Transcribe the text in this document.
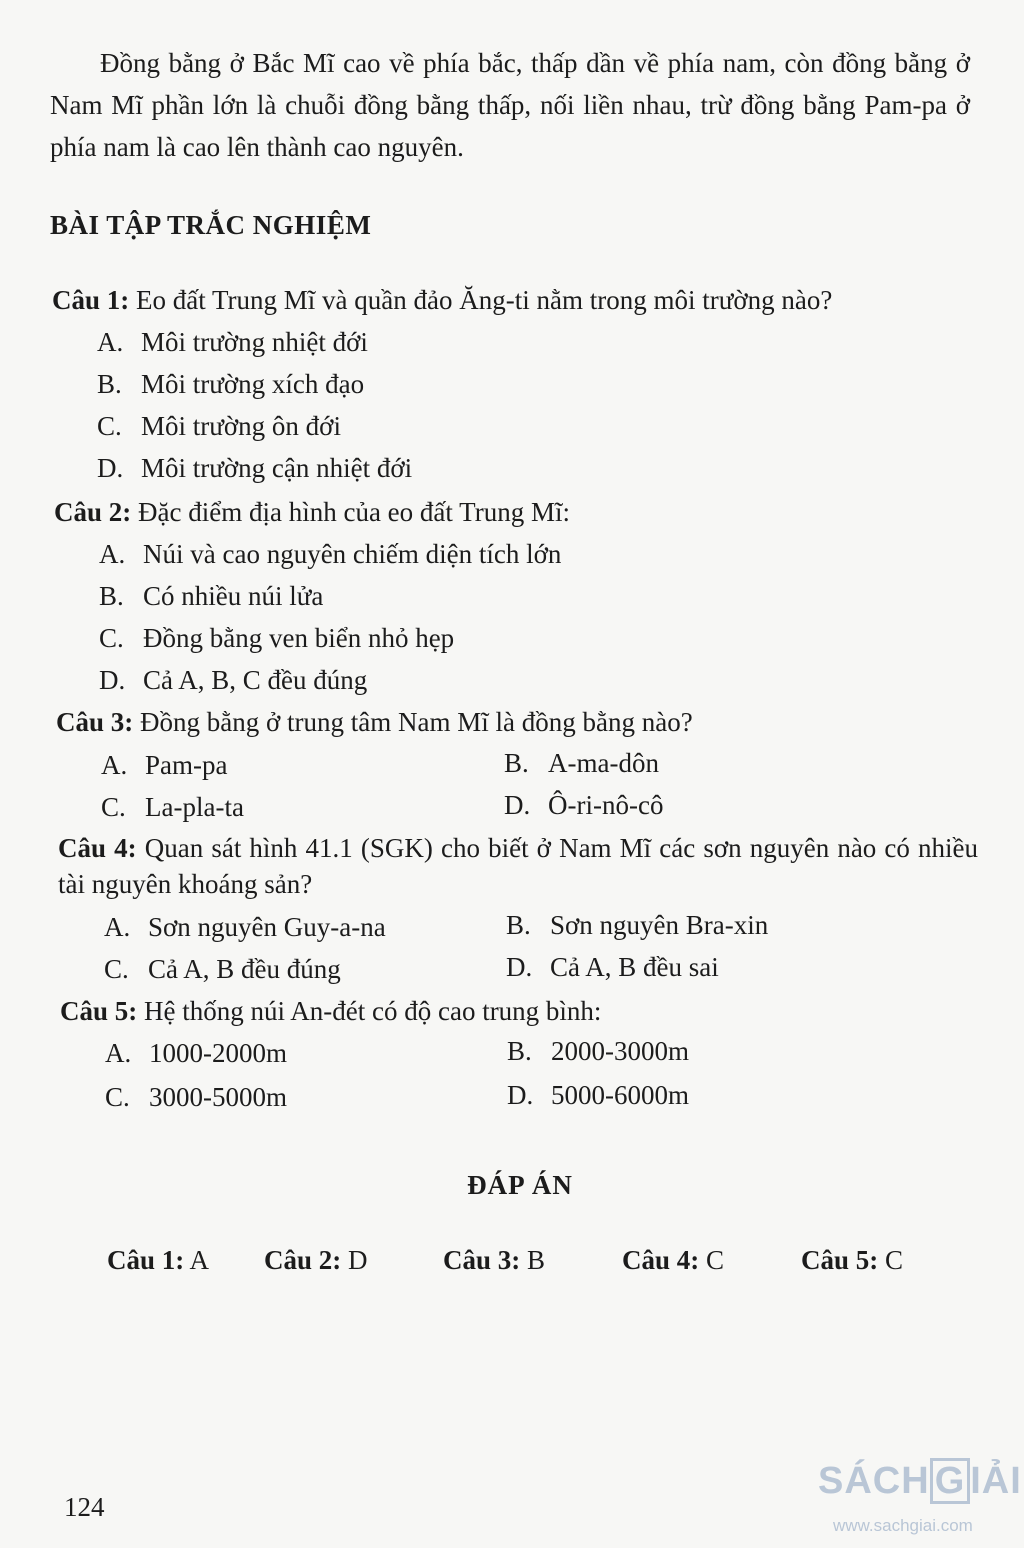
Đồng bằng ở Bắc Mĩ cao về phía bắc, thấp dần về phía nam, còn đồng bằng ở Nam Mĩ phần lớn là chuỗi đồng bằng thấp, nối liền nhau, trừ đồng bằng Pam-pa ở phía nam là cao lên thành cao nguyên.

BÀI TẬP TRẮC NGHIỆM
Câu 1: Eo đất Trung Mĩ và quần đảo Ăng-ti nằm trong môi trường nào?
A. Môi trường nhiệt đới
B. Môi trường xích đạo
C. Môi trường ôn đới
D. Môi trường cận nhiệt đới
Câu 2: Đặc điểm địa hình của eo đất Trung Mĩ:
A. Núi và cao nguyên chiếm diện tích lớn
B. Có nhiều núi lửa
C. Đồng bằng ven biển nhỏ hẹp
D. Cả A, B, C đều đúng
Câu 3: Đồng bằng ở trung tâm Nam Mĩ là đồng bằng nào?
A. Pam-pa	B. A-ma-dôn
C. La-pla-ta	D. Ô-ri-nô-cô
Câu 4: Quan sát hình 41.1 (SGK) cho biết ở Nam Mĩ các sơn nguyên nào có nhiều tài nguyên khoáng sản?
A. Sơn nguyên Guy-a-na	B. Sơn nguyên Bra-xin
C. Cả A, B đều đúng	D. Cả A, B đều sai
Câu 5: Hệ thống núi An-đét có độ cao trung bình:
A. 1000-2000m	B. 2000-3000m
C. 3000-5000m	D. 5000-6000m
ĐÁP ÁN
Câu 1: A Câu 2: D	Câu 3: B	Câu 4: C	Câu 5: C
124
SÁCH G IẢI
www.sachgiai.com
